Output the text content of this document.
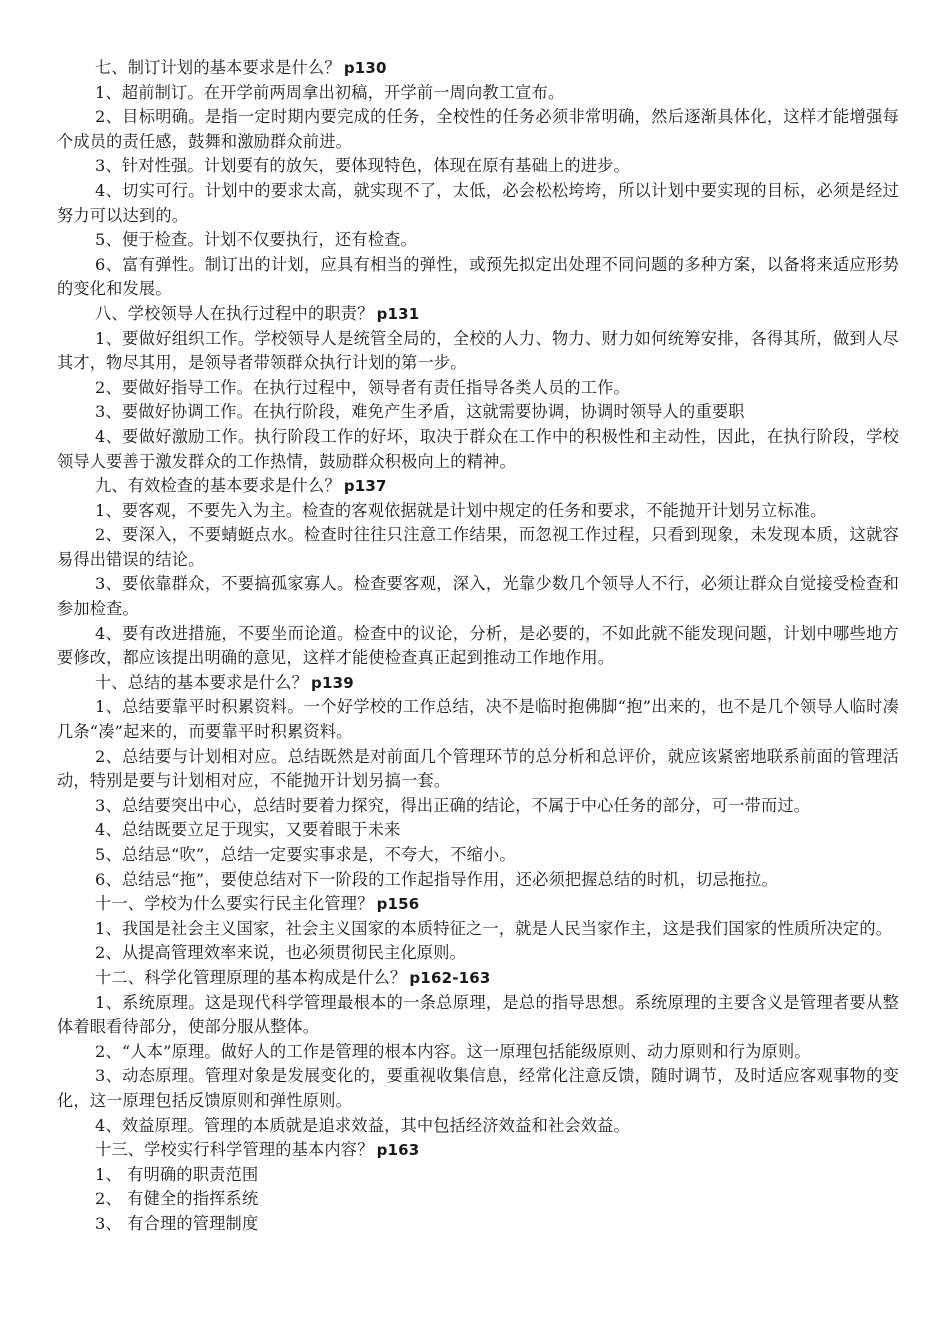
七、制订计划的基本要求是什么？ p130

1、超前制订。在开学前两周拿出初稿，开学前一周向教工宣布。

2、目标明确。是指一定时期内要完成的任务，全校性的任务必须非常明确，然后逐渐具体化，这样才能增强每个成员的责任感，鼓舞和激励群众前进。

3、针对性强。计划要有的放矢，要体现特色，体现在原有基础上的进步。

4、切实可行。计划中的要求太高，就实现不了，太低，必会松松垮垮，所以计划中要实现的目标，必须是经过努力可以达到的。

5、便于检查。计划不仅要执行，还有检查。

6、富有弹性。制订出的计划，应具有相当的弹性，或预先拟定出处理不同问题的多种方案，以备将来适应形势的变化和发展。

八、学校领导人在执行过程中的职责？ p131

1、要做好组织工作。学校领导人是统管全局的，全校的人力、物力、财力如何统筹安排，各得其所，做到人尽其才，物尽其用，是领导者带领群众执行计划的第一步。

2、要做好指导工作。在执行过程中，领导者有责任指导各类人员的工作。

3、要做好协调工作。在执行阶段，难免产生矛盾，这就需要协调，协调时领导人的重要职

4、要做好激励工作。执行阶段工作的好坏，取决于群众在工作中的积极性和主动性，因此，在执行阶段，学校领导人要善于激发群众的工作热情，鼓励群众积极向上的精神。

九、有效检查的基本要求是什么？ p137

1、要客观，不要先入为主。检查的客观依据就是计划中规定的任务和要求，不能抛开计划另立标准。

2、要深入，不要蜻蜓点水。检查时往往只注意工作结果，而忽视工作过程，只看到现象，未发现本质，这就容易得出错误的结论。

3、要依靠群众，不要搞孤家寡人。检查要客观，深入，光靠少数几个领导人不行，必须让群众自觉接受检查和参加检查。

4、要有改进措施，不要坐而论道。检查中的议论，分析，是必要的，不如此就不能发现问题，计划中哪些地方要修改，都应该提出明确的意见，这样才能使检查真正起到推动工作地作用。

十、总结的基本要求是什么？ p139

1、总结要靠平时积累资料。一个好学校的工作总结，决不是临时抱佛脚“抱”出来的，也不是几个领导人临时凑几条“凑”起来的，而要靠平时积累资料。

2、总结要与计划相对应。总结既然是对前面几个管理环节的总分析和总评价，就应该紧密地联系前面的管理活动，特别是要与计划相对应，不能抛开计划另搞一套。

3、总结要突出中心，总结时要着力探究，得出正确的结论，不属于中心任务的部分，可一带而过。

4、总结既要立足于现实，又要着眼于未来

5、总结忌“吹”，总结一定要实事求是，不夸大，不缩小。

6、总结忌“拖”，要使总结对下一阶段的工作起指导作用，还必须把握总结的时机，切忌拖拉。

十一、学校为什么要实行民主化管理？ p156

1、我国是社会主义国家，社会主义国家的本质特征之一，就是人民当家作主，这是我们国家的性质所决定的。

2、从提高管理效率来说，也必须贯彻民主化原则。

十二、科学化管理原理的基本构成是什么？ p162-163

1、系统原理。这是现代科学管理最根本的一条总原理，是总的指导思想。系统原理的主要含义是管理者要从整体着眼看待部分，使部分服从整体。

2、“人本”原理。做好人的工作是管理的根本内容。这一原理包括能级原则、动力原则和行为原则。

3、动态原理。管理对象是发展变化的，要重视收集信息，经常化注意反馈，随时调节，及时适应客观事物的变化，这一原理包括反馈原则和弹性原则。

4、效益原理。管理的本质就是追求效益，其中包括经济效益和社会效益。

十三、学校实行科学管理的基本内容？ p163

1、 有明确的职责范围

2、 有健全的指挥系统

3、 有合理的管理制度
